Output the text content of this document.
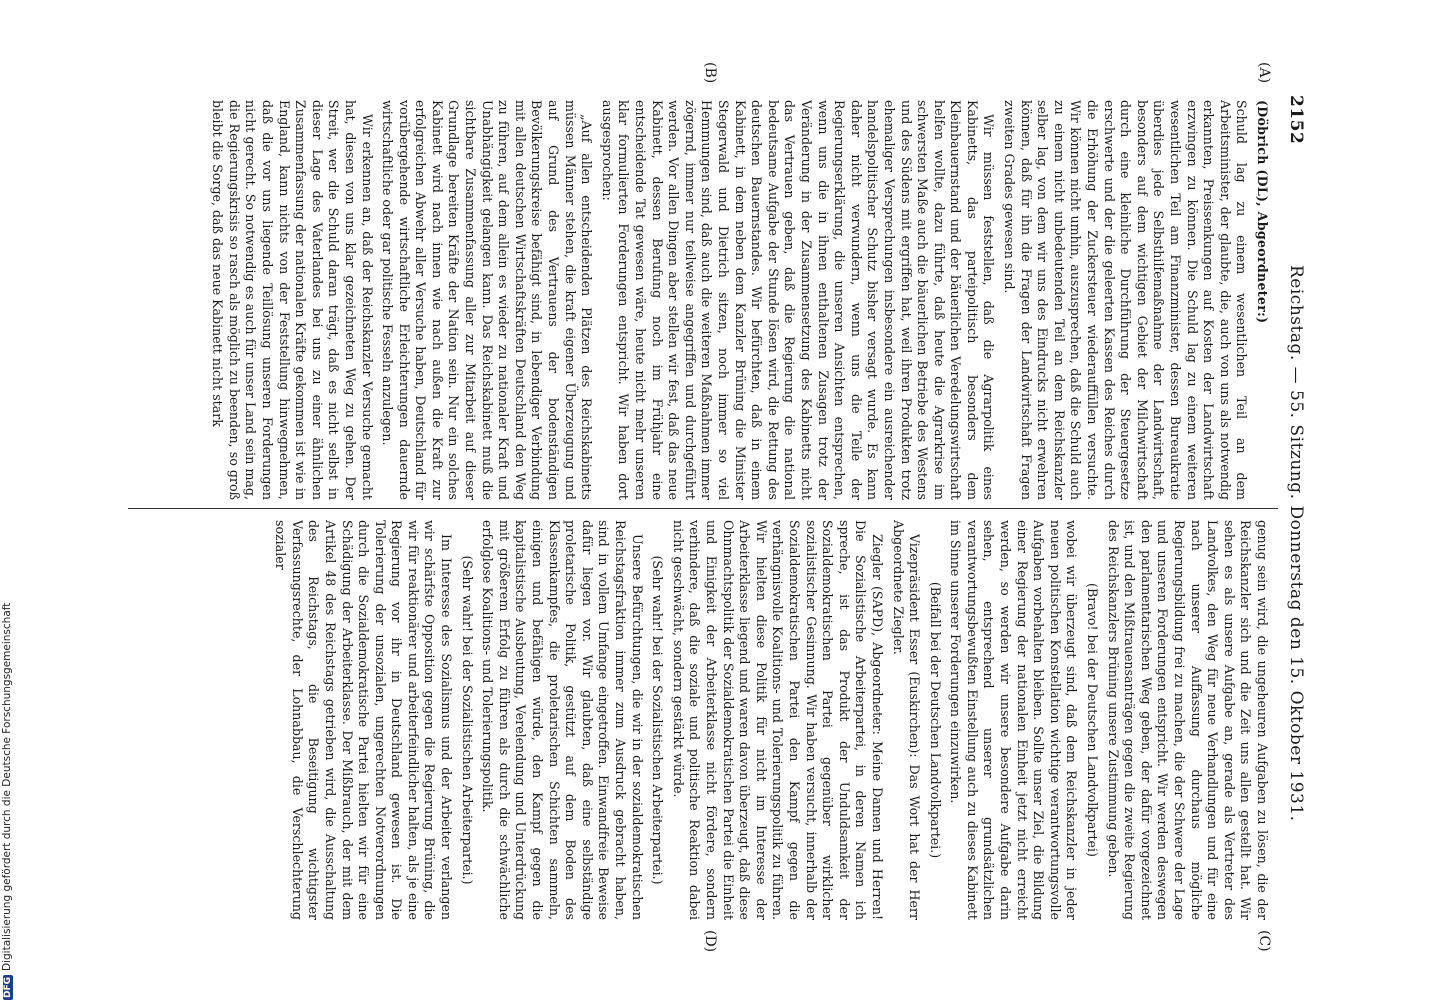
2152
Reichstag. — 55. Sitzung. Donnerstag den 15. Oktober 1931.
(A)
(B)
(C)
(D)

(Döbrich (DL), Abgeordneter:)

Schuld lag zu einem wesentlichen Teil an dem Arbeitsminister, der glaubte, die, auch von uns als notwendig erkannten, Preissenkungen auf Kosten der Landwirtschaft erzwingen zu können. Die Schuld lag zu einem weiteren wesentlichen Teil am Finanzminister, dessen Bureaukratie überdies jede Selbsthilfemaßnahme der Landwirtschaft, besonders auf dem wichtigen Gebiet der Milchwirtschaft durch eine kleinliche Durchführung der Steuergesetze erschwerte und der die geleerten Kassen des Reiches durch die Erhöhung der Zuckersteuer wiederauffüllen versuchte. Wir können nicht umhin, auszusprechen, daß die Schuld auch zu einem nicht unbedeutenden Teil an dem Reichskanzler selber lag, von dem wir uns des Eindrucks nicht erwehren können, daß für ihn die Fragen der Landwirtschaft Fragen zweiten Grades gewesen sind.

Wir müssen feststellen, daß die Agrarpolitik eines Kabinetts, das parteipolitisch besonders dem Kleinbauernstand und der bäuerlichen Veredelungswirtschaft helfen wollte, dazu führte, daß heute die Agrarkrise im schwersten Maße auch die bäuerlichen Betriebe des Westens und des Südens mit ergriffen hat, weil ihren Produkten trotz ehemaliger Versprechungen insbesondere ein ausreichender handelspolitischer Schutz bisher versagt wurde. Es kann daher nicht verwundern, wenn uns die Teile der Regierungserklärung, die unseren Ansichten entsprechen, wenn uns die in ihnen enthaltenen Zusagen trotz der Veränderung in der Zusammensetzung des Kabinetts nicht das Vertrauen geben, daß die Regierung die national bedeutsame Aufgabe der Stunde lösen wird, die Rettung des deutschen Bauernstandes. Wir befürchten, daß in einem Kabinett, in dem neben dem Kanzler Brüning die Minister Stegerwald und Dietrich sitzen, noch immer so viel Hemmungen sind, daß auch die weiteren Maßnahmen immer zögernd, immer nur teilweise angegriffen und durchgeführt werden. Vor allen Dingen aber stellen wir fest, daß das neue Kabinett, dessen Berufung noch im Frühjahr eine entscheidende Tat gewesen wäre, heute nicht mehr unseren klar formulierten Forderungen entspricht. Wir haben dort ausgesprochen:

„Auf allen entscheidenden Plätzen des Reichskabinetts müssen Männer stehen, die kraft eigener Überzeugung und auf Grund des Vertrauens der bodenständigen Bevölkerungskreise befähigt sind, in lebendiger Verbindung mit allen deutschen Wirtschaftskräften Deutschland den Weg zu führen, auf dem allein es wieder zu nationaler Kraft und Unabhängigkeit gelangen kann. Das Reichskabinett muß die sichtbare Zusammenfassung aller zur Mitarbeit auf dieser Grundlage bereiten Kräfte der Nation sein. Nur ein solches Kabinett wird nach innen wie nach außen die Kraft zur erfolgreichen Abwehr aller Versuche haben, Deutschland für vorübergehende wirtschaftliche Erleichterungen dauernde wirtschaftliche oder gar politische Fesseln anzulegen.

Wir erkennen an, daß der Reichskanzler Versuche gemacht hat, diesen von uns klar gezeichneten Weg zu gehen. Der Streit, wer die Schuld daran trägt, daß es nicht selbst in dieser Lage des Vaterlandes bei uns zu einer ähnlichen Zusammenfassung der nationalen Kräfte gekommen ist wie in England, kann nichts von der Feststellung hinwegnehmen, daß die vor uns liegende Teillösung unseren Forderungen nicht gerecht. So notwendig es auch für unser Land sein mag, die Regierungskrisis so rasch als möglich zu beenden, so groß bleibt die Sorge, daß das neue Kabinett nicht stark

genug sein wird, die ungeheuren Aufgaben zu lösen, die der Reichskanzler sich und die Zeit uns allen gestellt hat. Wir sehen es als unsere Aufgabe an, gerade als Vertreter des Landvolkes, den Weg für neue Verhandlungen und für eine nach unserer Auffassung durchaus mögliche Regierungsbildung frei zu machen, die der Schwere der Lage und unseren Forderungen entspricht. Wir werden deswegen den parlamentarischen Weg geben, der dafür vorgezeichnet ist, und den Mißtrauensanträgen gegen die zweite Regierung des Reichskanzlers Brüning unsere Zustimmung geben.

(Bravo! bei der Deutschen Landvolkpartei)

wobei wir überzeugt sind, daß dem Reichskanzler in jeder neuen politischen Konstellation wichtige verantwortungsvolle Aufgaben vorbehalten bleiben. Sollte unser Ziel, die Bildung einer Regierung der nationalen Einheit jetzt nicht erreicht werden, so werden wir unsere besondere Aufgabe darin sehen, entsprechend unserer grundsätzlichen verantwortungsbewußten Einstellung auch zu dieses Kabinett im Sinne unserer Forderungen einzuwirken.

(Beifall bei der Deutschen Landvolkpartei.)

Vizepräsident Esser (Euskirchen): Das Wort hat der Herr Abgeordnete Ziegler.

Ziegler (SAPD), Abgeordneter: Meine Damen und Herren! Die Sozialistische Arbeiterpartei, in deren Namen ich spreche, ist das Produkt der Unduldsamkeit der Sozialdemokratischen Partei gegenüber wirklicher sozialistischer Gesinnung. Wir haben versucht, innerhalb der Sozialdemokratischen Partei den Kampf gegen die verhängnisvolle Koalitions- und Tolerierungspolitik zu führen. Wir hielten diese Politik für nicht im Interesse der Arbeiterklasse liegend und waren davon überzeugt, daß diese Ohnmachtspolitik der Sozialdemokratischen Partei die Einheit und Einigkeit der Arbeiterklasse nicht fördere, sondern verhindere, daß die soziale und politische Reaktion dabei nicht geschwächt, sondern gestärkt würde.

(Sehr wahr! bei der Sozialistischen Arbeiterpartei.)

Unsere Befürchtungen, die wir in der sozialdemokratischen Reichstagsfraktion immer zum Ausdruck gebracht haben, sind in vollem Umfange eingetroffen. Einwandfreie Beweise dafür liegen vor. Wir glaubten, daß eine selbständige proletarische Politik, gestützt auf dem Boden des Klassenkampfes, die proletarischen Schichten sammeln, einigen und befähigen würde, den Kampf gegen die kapitalistische Ausbeutung, Verelendung und Unterdrückung mit größerem Erfolg zu führen als durch die schwächliche erfolglose Koalitions- und Tolerierungspolitik.

(Sehr wahr! bei der Sozialistischen Arbeiterpartei.)

Im Interesse des Sozialismus und der Arbeiter verlangen wir schärfste Opposition gegen die Regierung Brüning, die wir für reaktionärer und arbeiterfeindlicher halten, als je eine Regierung vor ihr in Deutschland gewesen ist. Die Tolerierung der unsozialen, ungerechten Notverordnungen durch die Sozialdemokratische Partei hielten wir für eine Schädigung der Arbeiterklasse. Der Mißbrauch, der mit dem Artikel 48 des Reichstags getrieben wird, die Ausschaltung des Reichstags, die Beseitigung wichtigster Verfassungsrechte, der Lohnabbau, die Verschlechterung sozialer

DFGDigitalisierung gefördert durch die Deutsche Forschungsgemeinschaft
